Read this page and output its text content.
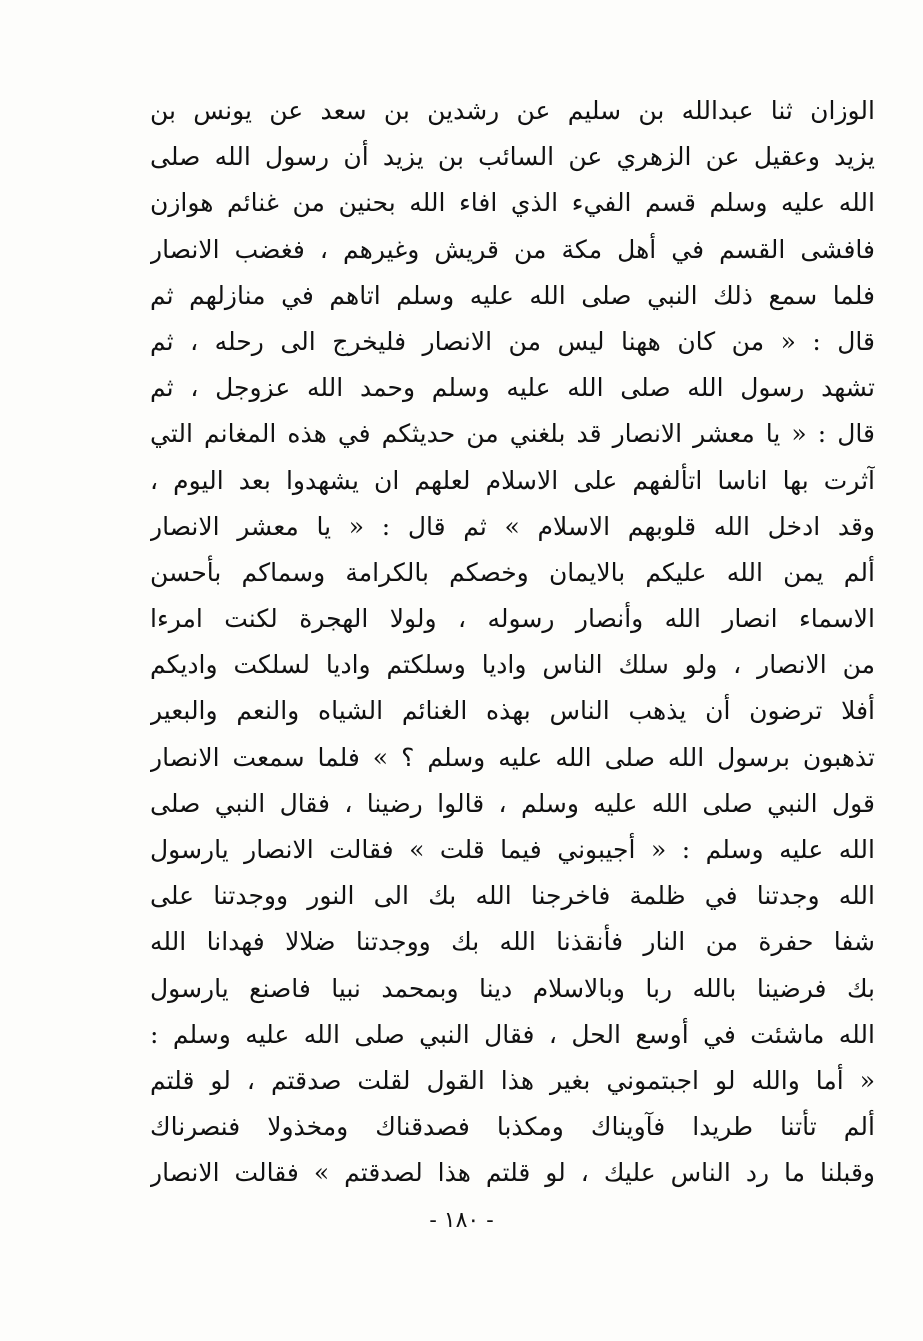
الوزان ثنا عبدالله بن سليم عن رشدين بن سعد عن يونس بن
يزيد وعقيل عن الزهري عن السائب بن يزيد أن رسول الله صلى
الله عليه وسلم قسم الفيء الذي افاء الله بحنين من غنائم هوازن
فافشى القسم في أهل مكة من قريش وغيرهم ، فغضب الانصار
فلما سمع ذلك النبي صلى الله عليه وسلم اتاهم في منازلهم ثم
قال : « من كان ههنا ليس من الانصار فليخرج الى رحله ، ثم
تشهد رسول الله صلى الله عليه وسلم وحمد الله عزوجل ، ثم
قال : « يا معشر الانصار قد بلغني من حديثكم في هذه المغانم التي
آثرت بها اناسا اتألفهم على الاسلام لعلهم ان يشهدوا بعد اليوم ،
وقد ادخل الله قلوبهم الاسلام » ثم قال : « يا معشر الانصار
ألم يمن الله عليكم بالايمان وخصكم بالكرامة وسماكم بأحسن
الاسماء انصار الله وأنصار رسوله ، ولولا الهجرة لكنت امرءا
من الانصار ، ولو سلك الناس واديا وسلكتم واديا لسلكت واديكم
أفلا ترضون أن يذهب الناس بهذه الغنائم الشياه والنعم والبعير
تذهبون برسول الله صلى الله عليه وسلم ؟ » فلما سمعت الانصار
قول النبي صلى الله عليه وسلم ، قالوا رضينا ، فقال النبي صلى
الله عليه وسلم : « أجيبوني فيما قلت » فقالت الانصار يارسول
الله وجدتنا في ظلمة فاخرجنا الله بك الى النور ووجدتنا على
شفا حفرة من النار فأنقذنا الله بك ووجدتنا ضلالا فهدانا الله
بك فرضينا بالله ربا وبالاسلام دينا وبمحمد نبيا فاصنع يارسول
الله ماشئت في أوسع الحل ، فقال النبي صلى الله عليه وسلم :
« أما والله لو اجبتموني بغير هذا القول لقلت صدقتم ، لو قلتم
ألم تأتنا طريدا فآويناك ومكذبا فصدقناك ومخذولا فنصرناك
وقبلنا ما رد الناس عليك ، لو قلتم هذا لصدقتم » فقالت الانصار
- ١٨٠ -
